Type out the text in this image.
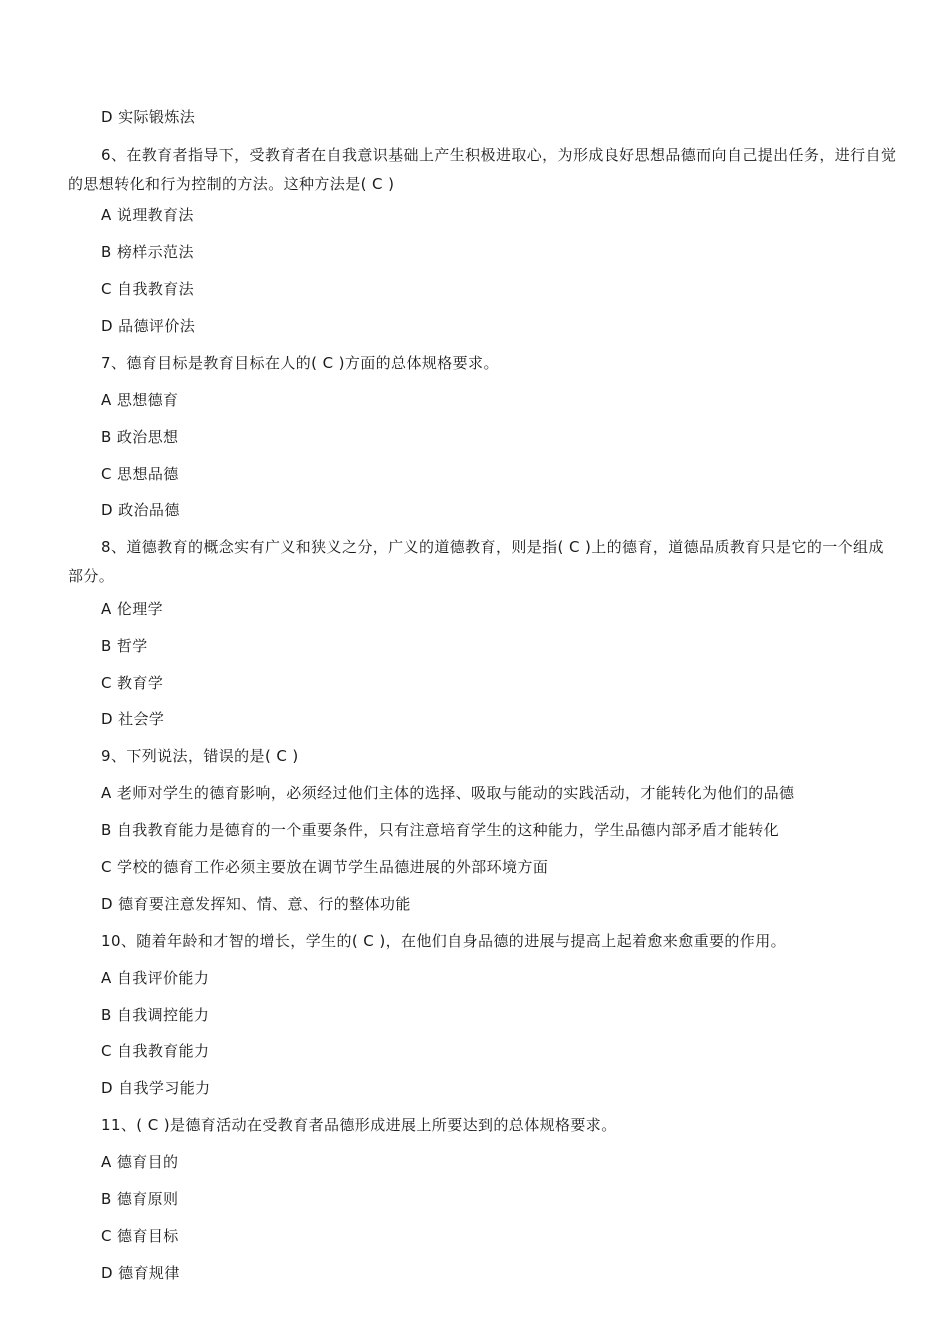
D 实际锻炼法
6、在教育者指导下，受教育者在自我意识基础上产生积极进取心，为形成良好思想品德而向自己提出任务，进行自觉的思想转化和行为控制的方法。这种方法是( C )
A 说理教育法
B 榜样示范法
C 自我教育法
D 品德评价法
7、德育目标是教育目标在人的( C )方面的总体规格要求。
A 思想德育
B 政治思想
C 思想品德
D 政治品德
8、道德教育的概念实有广义和狭义之分，广义的道德教育，则是指( C )上的德育，道德品质教育只是它的一个组成部分。
A 伦理学
B 哲学
C 教育学
D 社会学
9、下列说法，错误的是( C )
A 老师对学生的德育影响，必须经过他们主体的选择、吸取与能动的实践活动，才能转化为他们的品德
B 自我教育能力是德育的一个重要条件，只有注意培育学生的这种能力，学生品德内部矛盾才能转化
C 学校的德育工作必须主要放在调节学生品德进展的外部环境方面
D 德育要注意发挥知、情、意、行的整体功能
10、随着年龄和才智的增长，学生的( C )，在他们自身品德的进展与提高上起着愈来愈重要的作用。
A 自我评价能力
B 自我调控能力
C 自我教育能力
D 自我学习能力
11、( C )是德育活动在受教育者品德形成进展上所要达到的总体规格要求。
A 德育目的
B 德育原则
C 德育目标
D 德育规律
